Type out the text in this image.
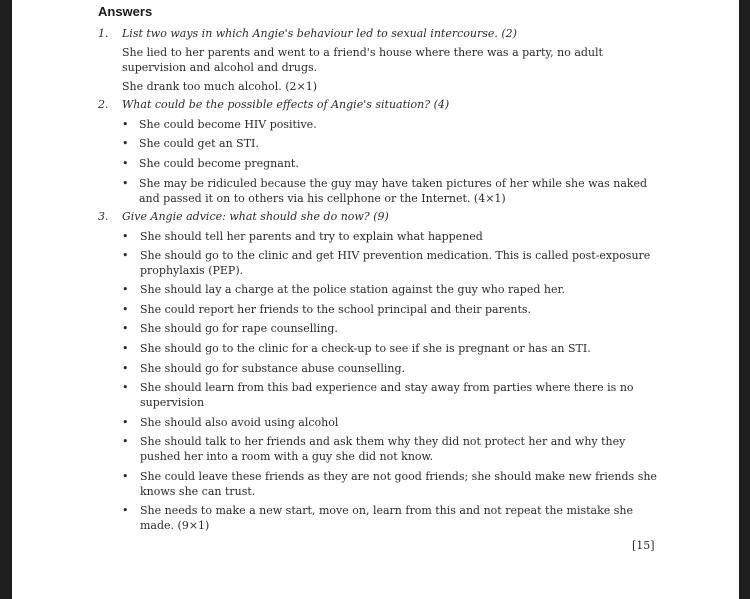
Answers
1. List two ways in which Angie's behaviour led to sexual intercourse. (2)
She lied to her parents and went to a friend's house where there was a party, no adult supervision and alcohol and drugs.
She drank too much alcohol. (2×1)
2. What could be the possible effects of Angie's situation? (4)
• She could become HIV positive.
• She could get an STI.
• She could become pregnant.
• She may be ridiculed because the guy may have taken pictures of her while she was naked and passed it on to others via his cellphone or the Internet. (4×1)
3. Give Angie advice: what should she do now? (9)
• She should tell her parents and try to explain what happened
• She should go to the clinic and get HIV prevention medication. This is called post-exposure prophylaxis (PEP).
• She should lay a charge at the police station against the guy who raped her.
• She could report her friends to the school principal and their parents.
• She should go for rape counselling.
• She should go to the clinic for a check-up to see if she is pregnant or has an STI.
• She should go for substance abuse counselling.
• She should learn from this bad experience and stay away from parties where there is no supervision
• She should also avoid using alcohol
• She should talk to her friends and ask them why they did not protect her and why they pushed her into a room with a guy she did not know.
• She could leave these friends as they are not good friends; she should make new friends she knows she can trust.
• She needs to make a new start, move on, learn from this and not repeat the mistake she made. (9×1)
[15]
